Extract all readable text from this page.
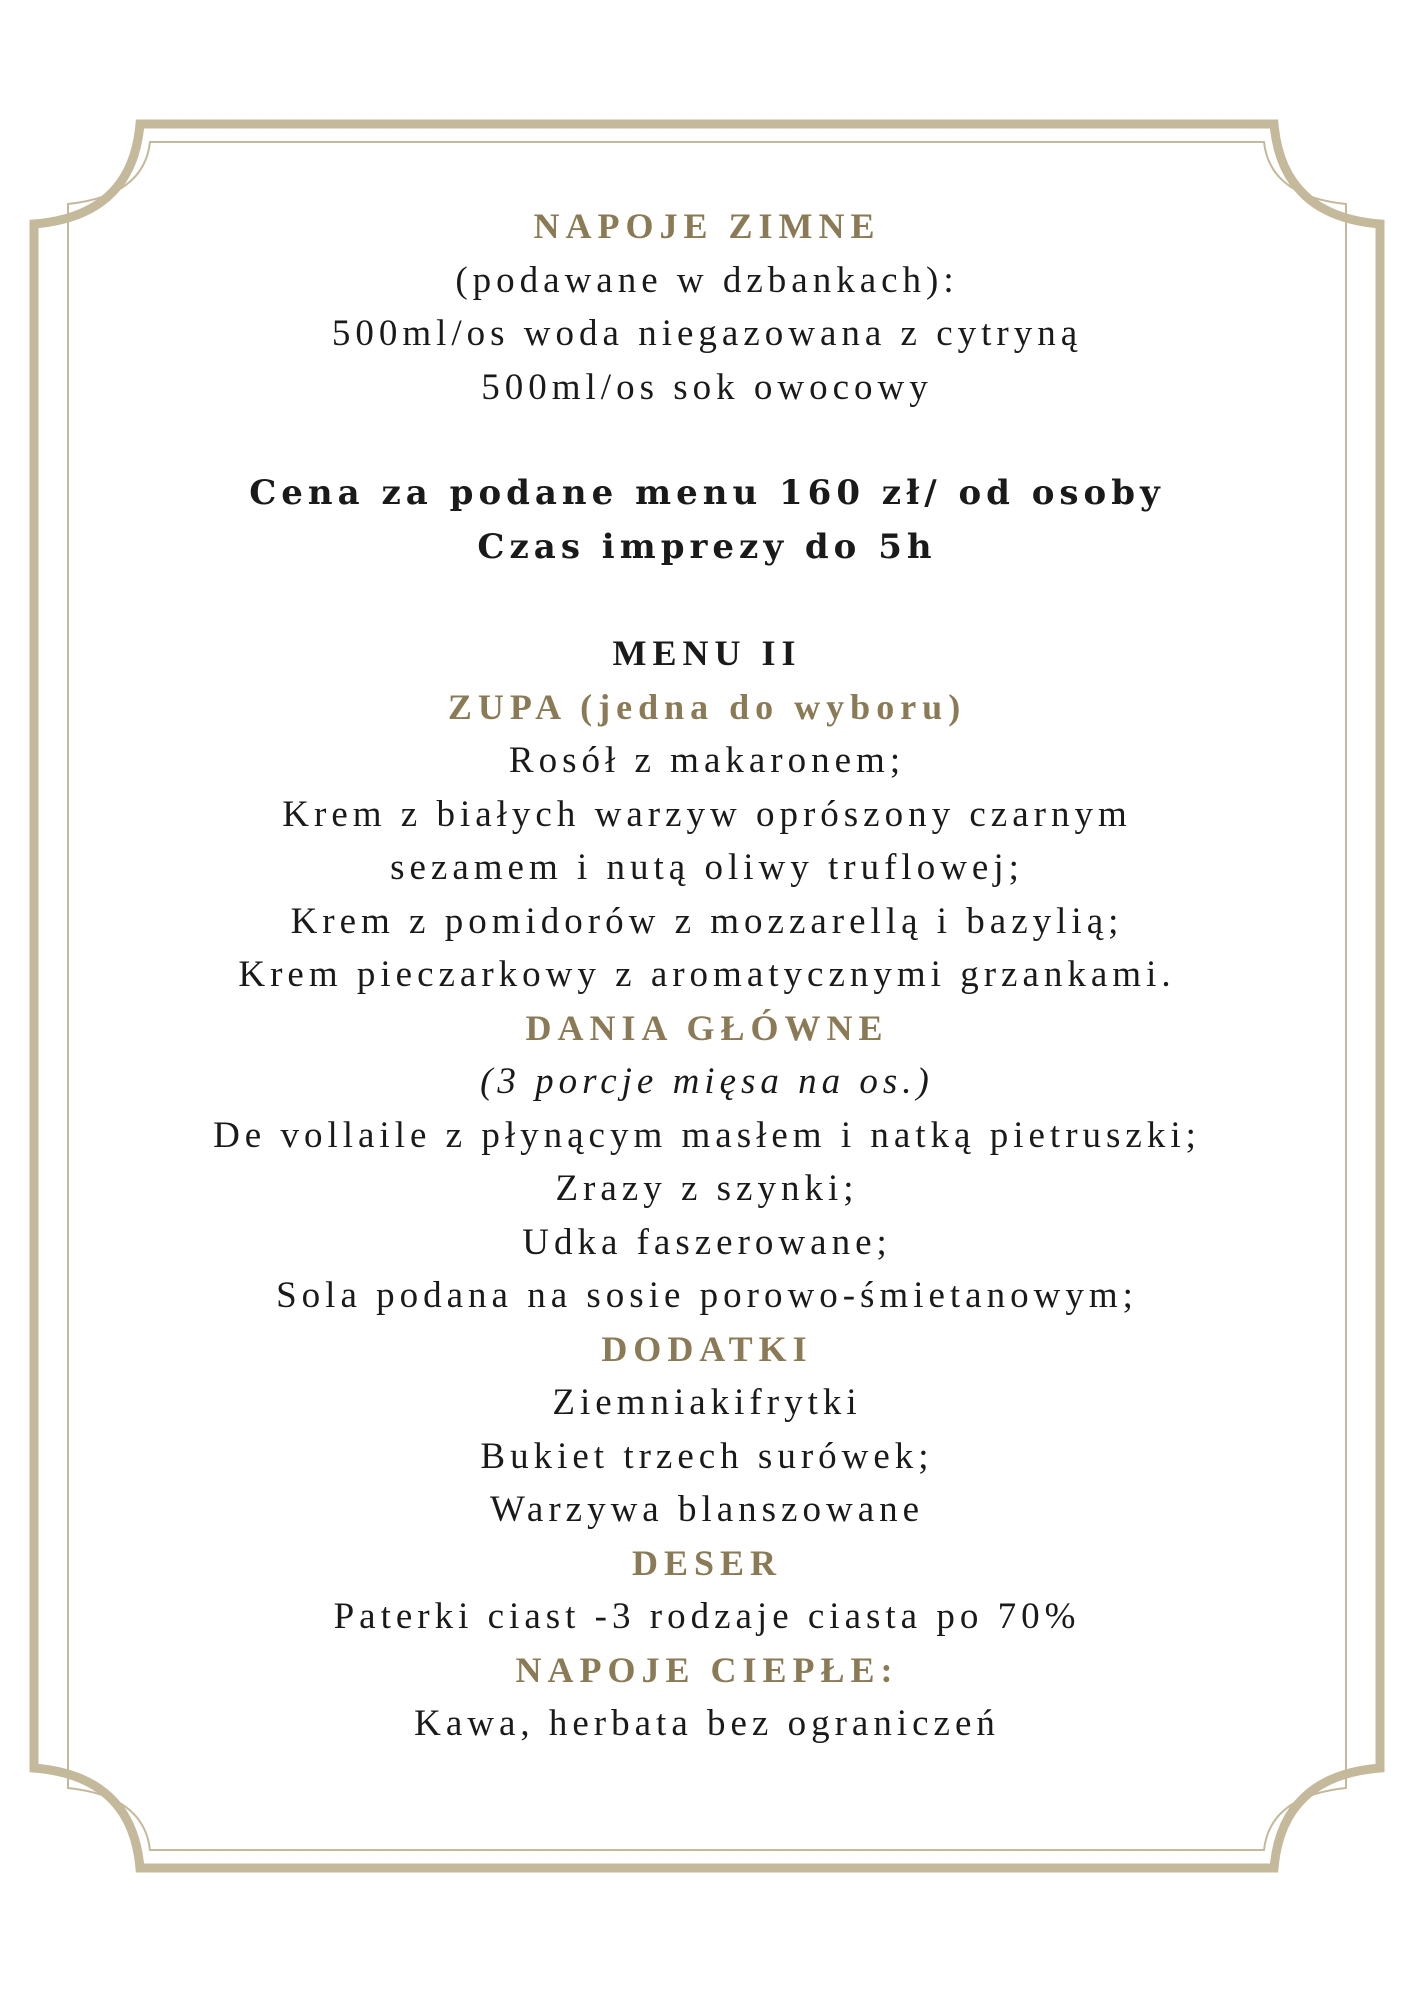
NAPOJE ZIMNE
(podawane w dzbankach):
500ml/os woda niegazowana z cytryną
500ml/os sok owocowy
Cena za podane menu 160 zł/ od osoby
Czas imprezy do 5h
MENU II
ZUPA (jedna do wyboru)
Rosół z makaronem;
Krem z białych warzyw oprószony czarnym
sezamem i nutą oliwy truflowej;
Krem z pomidorów z mozzarellą i bazylią;
Krem pieczarkowy z aromatycznymi grzankami.
DANIA GŁÓWNE
(3 porcje mięsa na os.)
De vollaile z płynącym masłem i natką pietruszki;
Zrazy z szynki;
Udka faszerowane;
Sola podana na sosie porowo-śmietanowym;
DODATKI
Ziemniakifrytki
Bukiet trzech surówek;
Warzywa blanszowane
DESER
Paterki ciast -3 rodzaje ciasta po 70%
NAPOJE CIEPŁE:
Kawa, herbata bez ograniczeń
